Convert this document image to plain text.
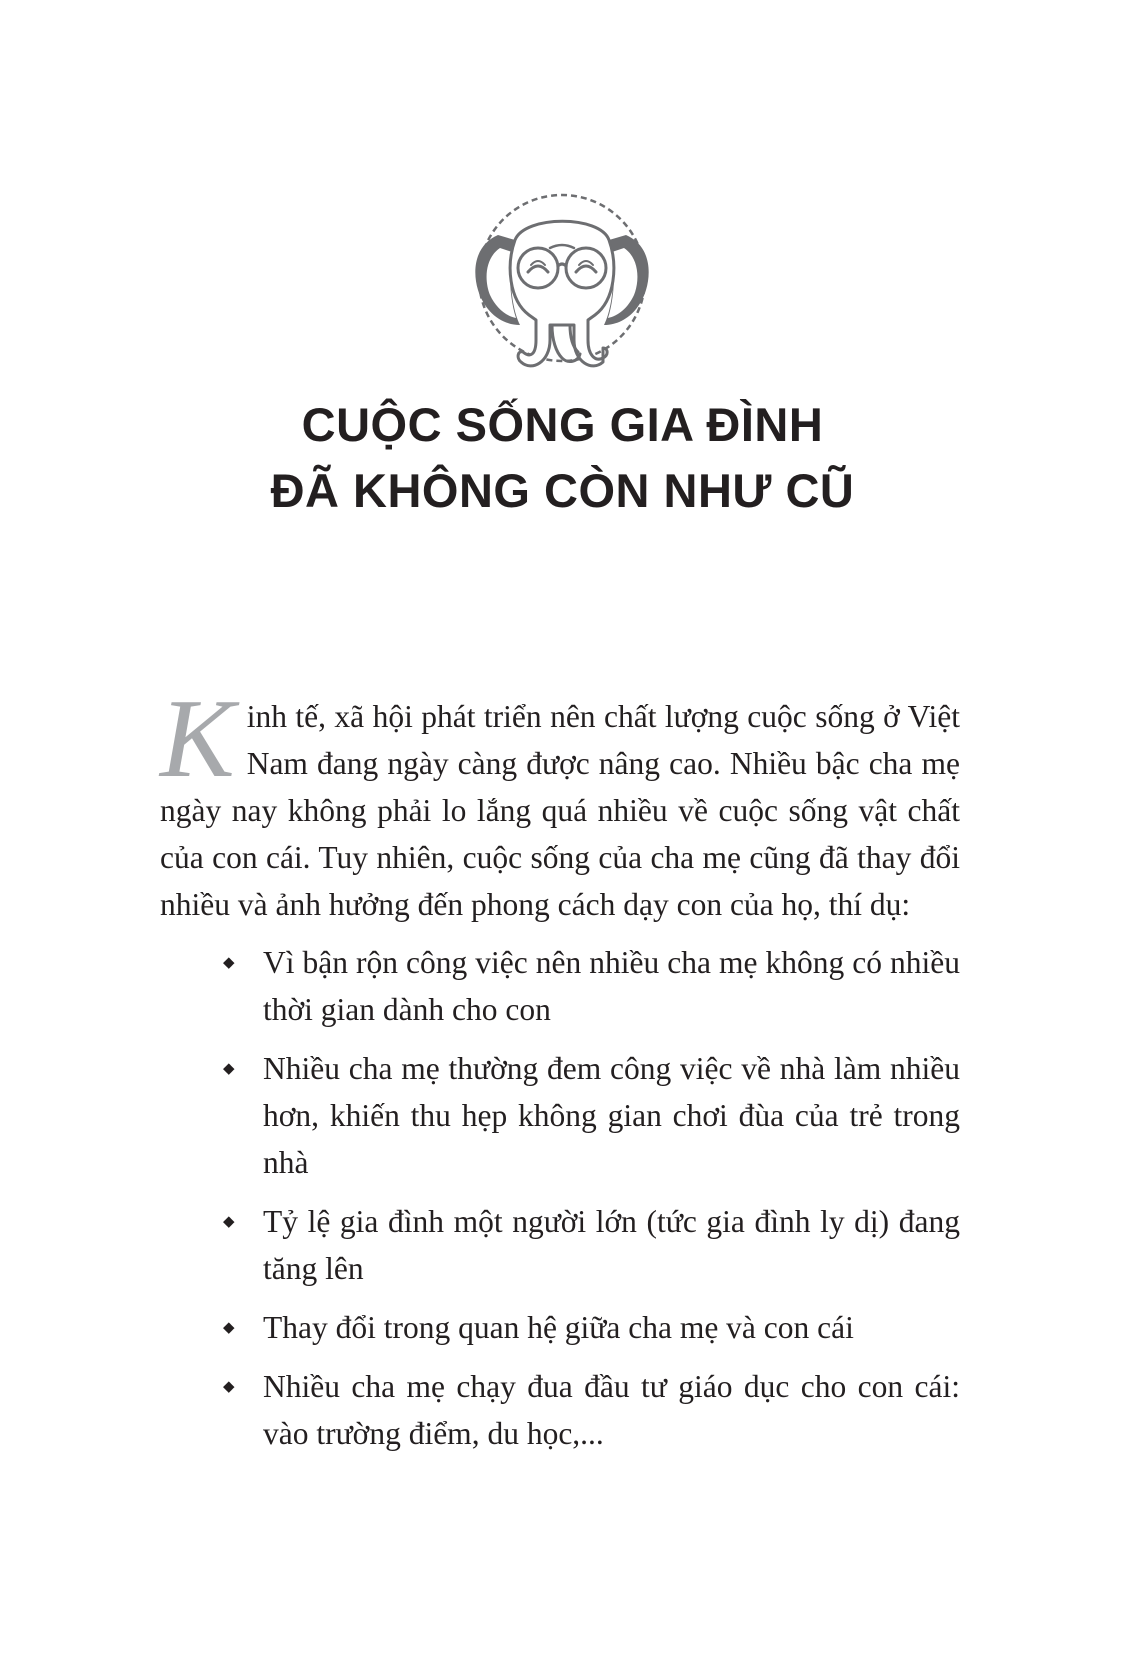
CUỘC SỐNG GIA ĐÌNH
ĐÃ KHÔNG CÒN NHƯ CŨ

Kinh tế, xã hội phát triển nên chất lượng cuộc sống ở Việt Nam đang ngày càng được nâng cao. Nhiều bậc cha mẹ ngày nay không phải lo lắng quá nhiều về cuộc sống vật chất của con cái. Tuy nhiên, cuộc sống của cha mẹ cũng đã thay đổi nhiều và ảnh hưởng đến phong cách dạy con của họ, thí dụ:

◆ Vì bận rộn công việc nên nhiều cha mẹ không có nhiều thời gian dành cho con
◆ Nhiều cha mẹ thường đem công việc về nhà làm nhiều hơn, khiến thu hẹp không gian chơi đùa của trẻ trong nhà
◆ Tỷ lệ gia đình một người lớn (tức gia đình ly dị) đang tăng lên
◆ Thay đổi trong quan hệ giữa cha mẹ và con cái
◆ Nhiều cha mẹ chạy đua đầu tư giáo dục cho con cái: vào trường điểm, du học,...
